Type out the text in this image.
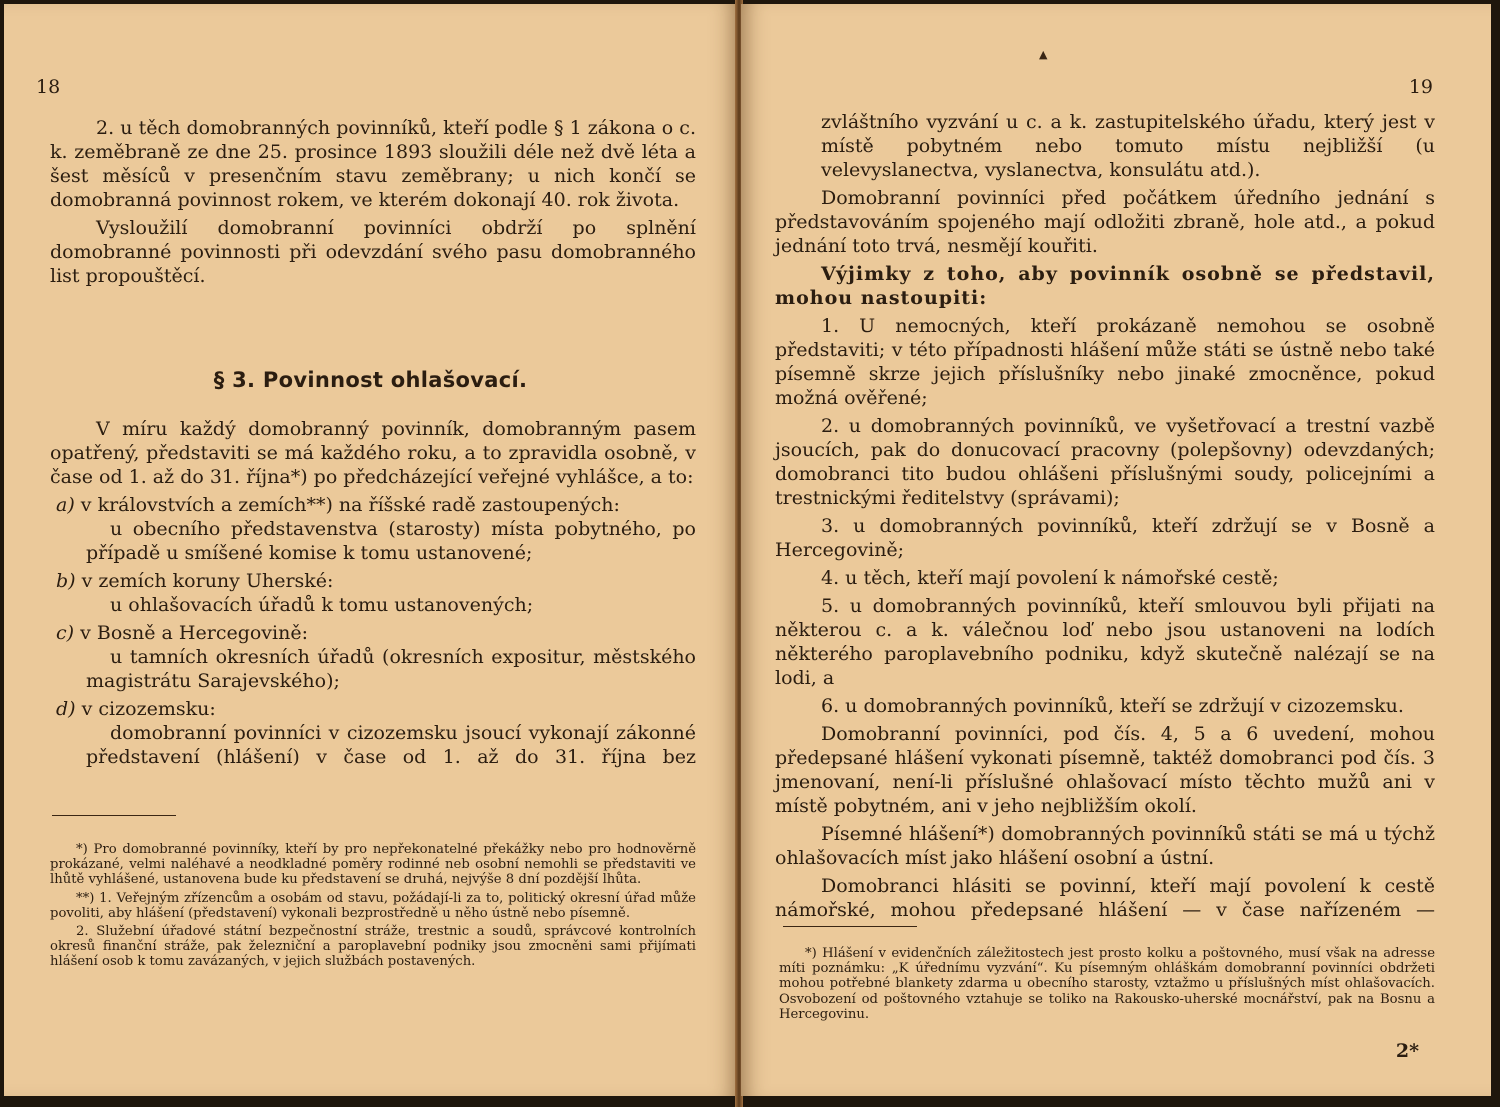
18

2. u těch domobranných povinníků, kteří podle § 1 zákona o c. k. zeměbraně ze dne 25. prosince 1893 sloužili déle než dvě léta a šest měsíců v presenčním stavu zeměbrany; u nich končí se domobranná povinnost rokem, ve kterém dokonají 40. rok života.

Vysloužilí domobranní povinníci obdrží po splnění domobranné povinnosti při odevzdání svého pasu domobranného list propouštěcí.

§ 3. Povinnost ohlašovací.

V míru každý domobranný povinník, domobranným pasem opatřený, představiti se má každého roku, a to zpravidla osobně, v čase od 1. až do 31. října*) po předcházející veřejné vyhlášce, a to:

a) v královstvích a zemích**) na říšské radě zastoupených:
u obecního představenstva (starosty) místa pobytného, po případě u smíšené komise k tomu ustanovené;
b) v zemích koruny Uherské:
u ohlašovacích úřadů k tomu ustanovených;
c) v Bosně a Hercegovině:
u tamních okresních úřadů (okresních expositur, městského magistrátu Sarajevského);
d) v cizozemsku:
domobranní povinníci v cizozemsku jsoucí vykonají zákonné představení (hlášení) v čase od 1. až do 31. října bez

*) Pro domobranné povinníky, kteří by pro nepřekonatelné překážky nebo pro hodnověrně prokázané, velmi naléhavé a neodkladné poměry rodinné neb osobní nemohli se představiti ve lhůtě vyhlášené, ustanovena bude ku představení se druhá, nejvýše 8 dní pozdější lhůta.

**) 1. Veřejným zřízencům a osobám od stavu, požádají-li za to, politický okresní úřad může povoliti, aby hlášení (představení) vykonali bezprostředně u něho ústně nebo písemně.

2. Služební úřadové státní bezpečnostní stráže, trestnic a soudů, správcové kontrolních okresů finanční stráže, pak železniční a paroplavební podniky jsou zmocněni sami přijímati hlášení osob k tomu zavázaných, v jejich službách postavených.

▲
19

zvláštního vyzvání u c. a k. zastupitelského úřadu, který jest v místě pobytném nebo tomuto místu nejbližší (u velevyslanectva, vyslanectva, konsulátu atd.).

Domobranní povinníci před počátkem úředního jednání s představováním spojeného mají odložiti zbraně, hole atd., a pokud jednání toto trvá, nesmějí kouřiti.

Výjimky z toho, aby povinník osobně se představil, mohou nastoupiti:

1. U nemocných, kteří prokázaně nemohou se osobně představiti; v této případnosti hlášení může státi se ústně nebo také písemně skrze jejich příslušníky nebo jinaké zmocněnce, pokud možná ověřené;

2. u domobranných povinníků, ve vyšetřovací a trestní vazbě jsoucích, pak do donucovací pracovny (polepšovny) odevzdaných; domobranci tito budou ohlášeni příslušnými soudy, policejními a trestnickými ředitelstvy (správami);

3. u domobranných povinníků, kteří zdržují se v Bosně a Hercegovině;

4. u těch, kteří mají povolení k námořské cestě;

5. u domobranných povinníků, kteří smlouvou byli přijati na některou c. a k. válečnou loď nebo jsou ustanoveni na lodích některého paroplavebního podniku, když skutečně nalézají se na lodi, a

6. u domobranných povinníků, kteří se zdržují v cizozemsku.

Domobranní povinníci, pod čís. 4, 5 a 6 uvedení, mohou předepsané hlášení vykonati písemně, taktéž domobranci pod čís. 3 jmenovaní, není-li příslušné ohlašovací místo těchto mužů ani v místě pobytném, ani v jeho nejbližším okolí.

Písemné hlášení*) domobranných povinníků státi se má u týchž ohlašovacích míst jako hlášení osobní a ústní.

Domobranci hlásiti se povinní, kteří mají povolení k cestě námořské, mohou předepsané hlášení — v čase nařízeném —

*) Hlášení v evidenčních záležitostech jest prosto kolku a poštovného, musí však na adresse míti poznámku: „K úřednímu vyzvání“. Ku písemným ohláškám domobranní povinníci obdržeti mohou potřebné blankety zdarma u obecního starosty, vztažmo u příslušných míst ohlašovacích. Osvobození od poštovného vztahuje se toliko na Rakousko-uherské mocnářství, pak na Bosnu a Hercegovinu.

2*
